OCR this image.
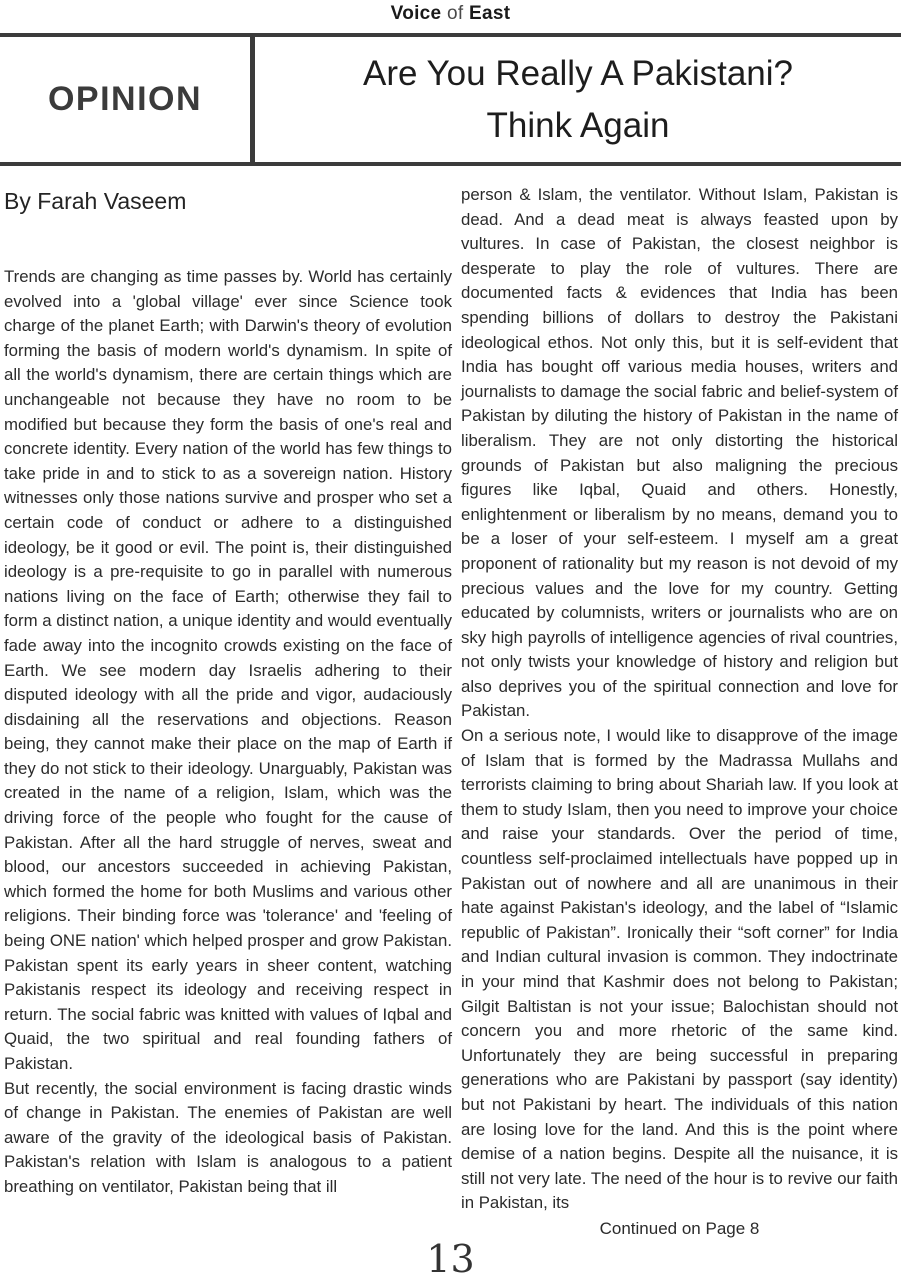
Voice of East
OPINION
Are You Really A Pakistani?
Think Again
By Farah Vaseem

Trends are changing as time passes by. World has certainly evolved into a 'global village' ever since Science took charge of the planet Earth; with Darwin's theory of evolution forming the basis of modern world's dynamism. In spite of all the world's dynamism, there are certain things which are unchangeable not because they have no room to be modified but because they form the basis of one's real and concrete identity. Every nation of the world has few things to take pride in and to stick to as a sovereign nation. History witnesses only those nations survive and prosper who set a certain code of conduct or adhere to a distinguished ideology, be it good or evil. The point is, their distinguished ideology is a pre-requisite to go in parallel with numerous nations living on the face of Earth; otherwise they fail to form a distinct nation, a unique identity and would eventually fade away into the incognito crowds existing on the face of Earth. We see modern day Israelis adhering to their disputed ideology with all the pride and vigor, audaciously disdaining all the reservations and objections. Reason being, they cannot make their place on the map of Earth if they do not stick to their ideology. Unarguably, Pakistan was created in the name of a religion, Islam, which was the driving force of the people who fought for the cause of Pakistan. After all the hard struggle of nerves, sweat and blood, our ancestors succeeded in achieving Pakistan, which formed the home for both Muslims and various other religions. Their binding force was 'tolerance' and 'feeling of being ONE nation' which helped prosper and grow Pakistan. Pakistan spent its early years in sheer content, watching Pakistanis respect its ideology and receiving respect in return. The social fabric was knitted with values of Iqbal and Quaid, the two spiritual and real founding fathers of Pakistan.

But recently, the social environment is facing drastic winds of change in Pakistan. The enemies of Pakistan are well aware of the gravity of the ideological basis of Pakistan. Pakistan's relation with Islam is analogous to a patient breathing on ventilator, Pakistan being that ill

person & Islam, the ventilator. Without Islam, Pakistan is dead. And a dead meat is always feasted upon by vultures. In case of Pakistan, the closest neighbor is desperate to play the role of vultures. There are documented facts & evidences that India has been spending billions of dollars to destroy the Pakistani ideological ethos. Not only this, but it is self-evident that India has bought off various media houses, writers and journalists to damage the social fabric and belief-system of Pakistan by diluting the history of Pakistan in the name of liberalism. They are not only distorting the historical grounds of Pakistan but also maligning the precious figures like Iqbal, Quaid and others. Honestly, enlightenment or liberalism by no means, demand you to be a loser of your self-esteem. I myself am a great proponent of rationality but my reason is not devoid of my precious values and the love for my country. Getting educated by columnists, writers or journalists who are on sky high payrolls of intelligence agencies of rival countries, not only twists your knowledge of history and religion but also deprives you of the spiritual connection and love for Pakistan.

On a serious note, I would like to disapprove of the image of Islam that is formed by the Madrassa Mullahs and terrorists claiming to bring about Shariah law. If you look at them to study Islam, then you need to improve your choice and raise your standards. Over the period of time, countless self-proclaimed intellectuals have popped up in Pakistan out of nowhere and all are unanimous in their hate against Pakistan's ideology, and the label of “Islamic republic of Pakistan”. Ironically their “soft corner” for India and Indian cultural invasion is common. They indoctrinate in your mind that Kashmir does not belong to Pakistan; Gilgit Baltistan is not your issue; Balochistan should not concern you and more rhetoric of the same kind. Unfortunately they are being successful in preparing generations who are Pakistani by passport (say identity) but not Pakistani by heart. The individuals of this nation are losing love for the land. And this is the point where demise of a nation begins. Despite all the nuisance, it is still not very late. The need of the hour is to revive our faith in Pakistan, its

Continued on Page 8
13
